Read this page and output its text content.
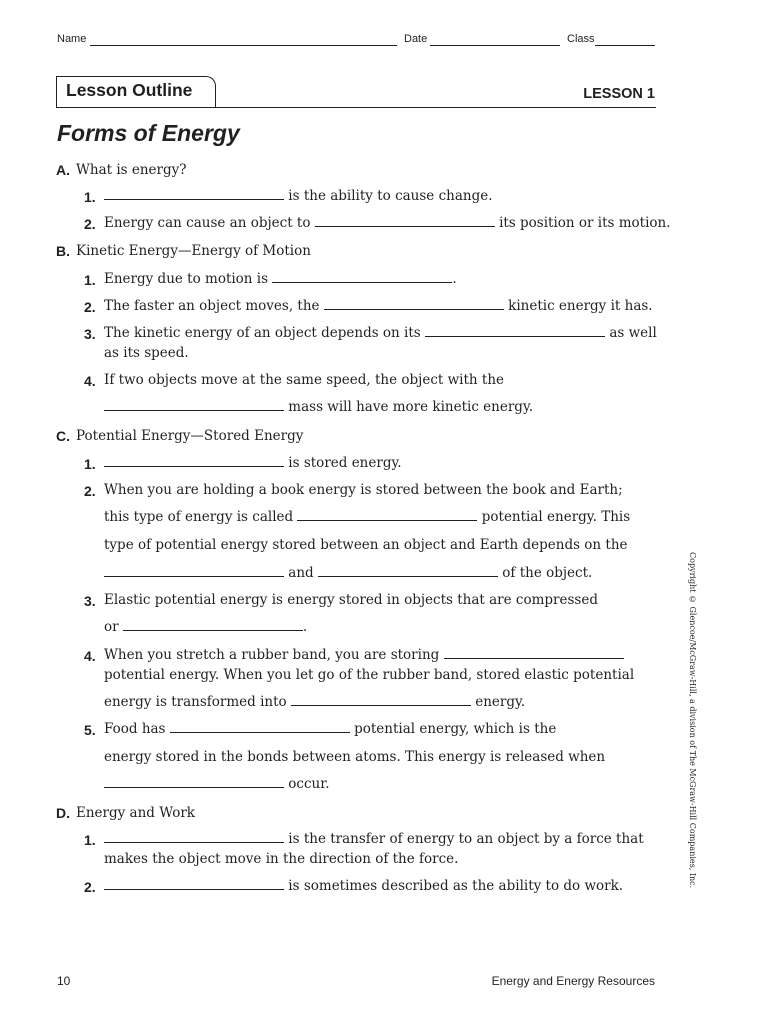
Name	Date	Class
Lesson Outline	LESSON 1
Forms of Energy
A. What is energy?
1.	is the ability to cause change.
2. Energy can cause an object to	its position or its motion.
B. Kinetic Energy—Energy of Motion
1. Energy due to motion is	.
2. The faster an object moves, the	kinetic energy it has.
3. The kinetic energy of an object depends on its	as well
as its speed.
4. If two objects move at the same speed, the object with the
mass will have more kinetic energy.
C. Potential Energy—Stored Energy
1.	is stored energy.
2. When you are holding a book energy is stored between the book and Earth;
this type of energy is called	potential energy. This
type of potential energy stored between an object and Earth depends on the
and	of the object.
3. Elastic potential energy is energy stored in objects that are compressed
or	.
4. When you stretch a rubber band, you are storing
potential energy. When you let go of the rubber band, stored elastic potential
energy is transformed into	energy.
5. Food has	potential energy, which is the
energy stored in the bonds between atoms. This energy is released when
occur.
D. Energy and Work
1.	is the transfer of energy to an object by a force that
makes the object move in the direction of the force.
2.	is sometimes described as the ability to do work.	Copyright © Glencoe/McGraw-Hill, a division of The McGraw-Hill Companies, Inc.
10	Energy and Energy Resources
